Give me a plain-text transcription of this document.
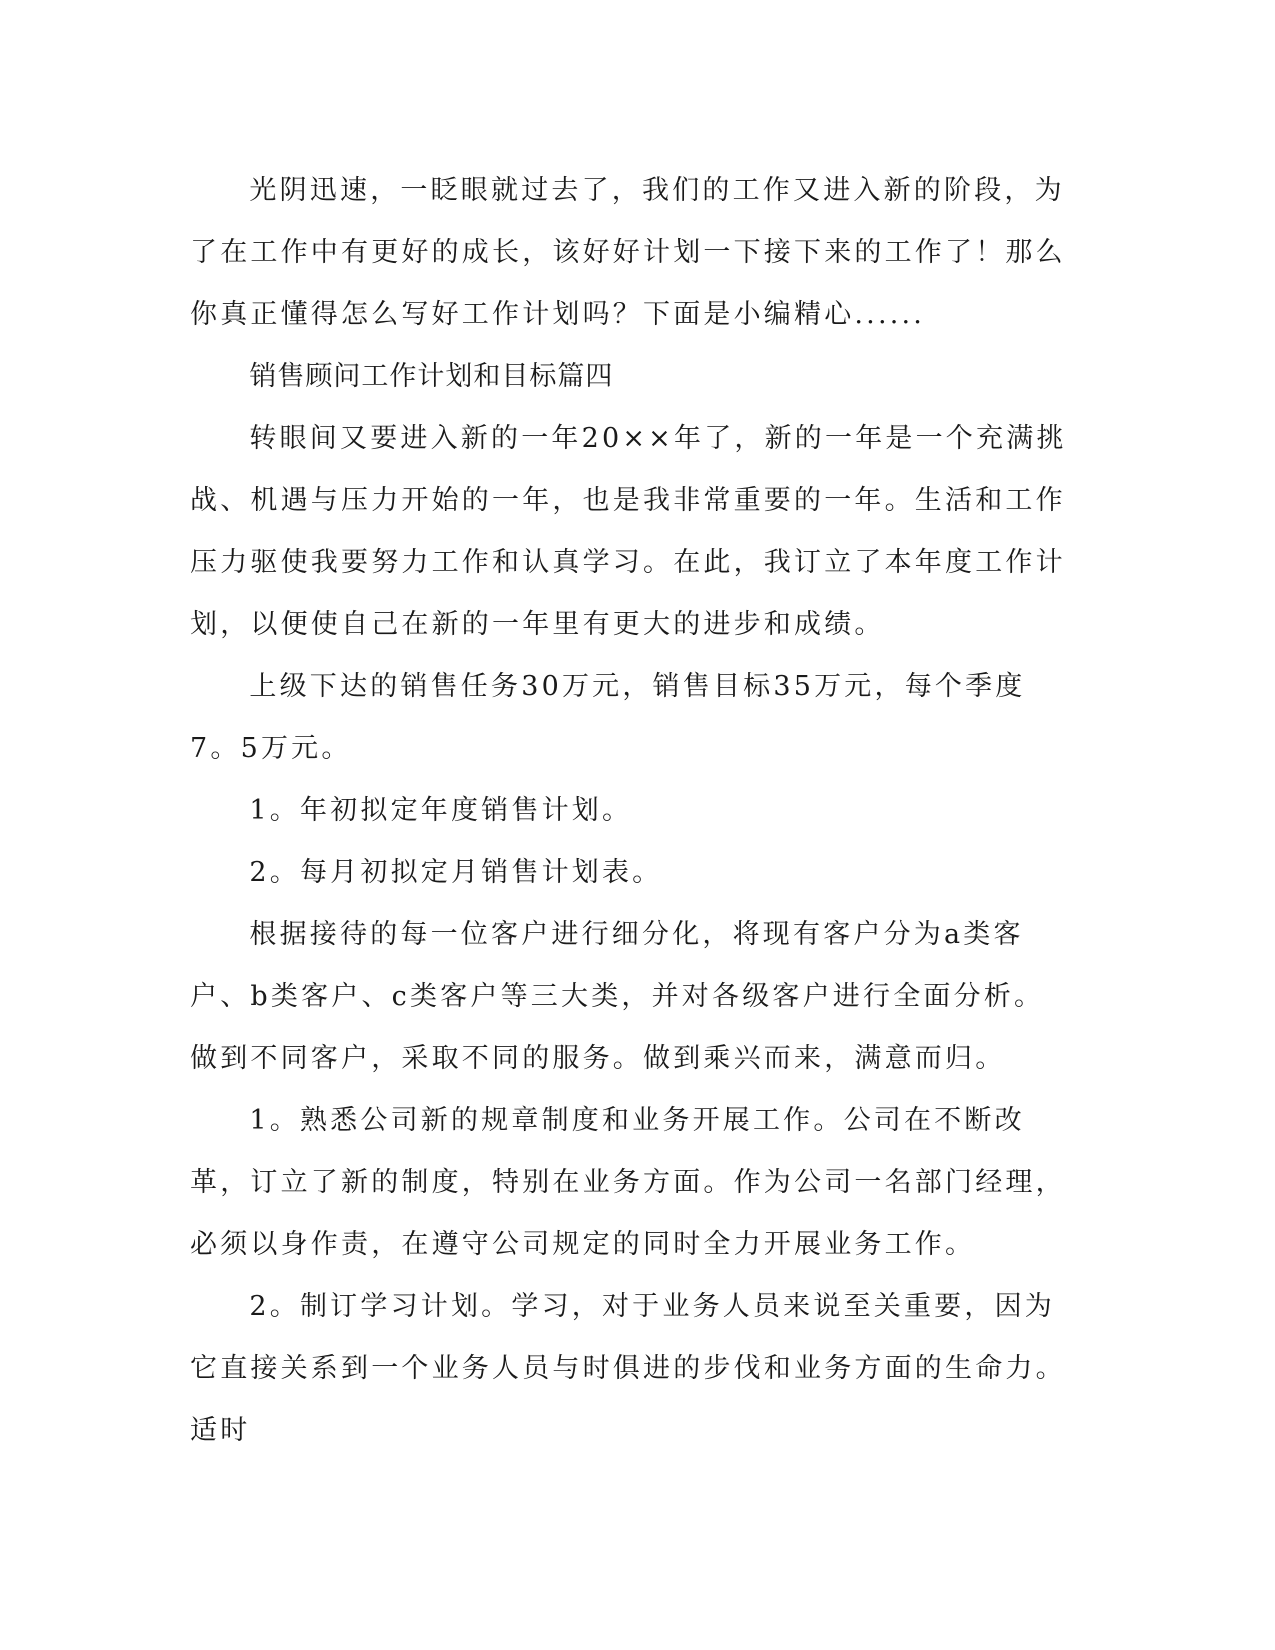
光阴迅速，一眨眼就过去了，我们的工作又进入新的阶段，为了在工作中有更好的成长，该好好计划一下接下来的工作了！那么你真正懂得怎么写好工作计划吗？下面是小编精心......

销售顾问工作计划和目标篇四

转眼间又要进入新的一年20××年了，新的一年是一个充满挑战、机遇与压力开始的一年，也是我非常重要的一年。生活和工作压力驱使我要努力工作和认真学习。在此，我订立了本年度工作计划，以便使自己在新的一年里有更大的进步和成绩。

上级下达的销售任务30万元，销售目标35万元，每个季度7。5万元。

1。年初拟定年度销售计划。

2。每月初拟定月销售计划表。

根据接待的每一位客户进行细分化，将现有客户分为a类客户、b类客户、c类客户等三大类，并对各级客户进行全面分析。做到不同客户，采取不同的服务。做到乘兴而来，满意而归。

1。熟悉公司新的规章制度和业务开展工作。公司在不断改革，订立了新的制度，特别在业务方面。作为公司一名部门经理，必须以身作责，在遵守公司规定的同时全力开展业务工作。

2。制订学习计划。学习，对于业务人员来说至关重要，因为它直接关系到一个业务人员与时俱进的步伐和业务方面的生命力。适时
